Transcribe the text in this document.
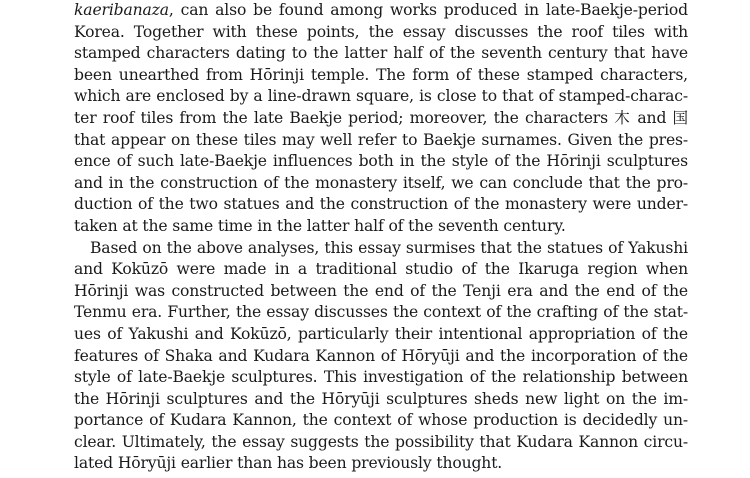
kaeribanaza, can also be found among works produced in late-Baekje-period
Korea. Together with these points, the essay discusses the roof tiles with
stamped characters dating to the latter half of the seventh century that have
been unearthed from Hōrinji temple. The form of these stamped characters,
which are enclosed by a line-drawn square, is close to that of stamped-charac-
ter roof tiles from the late Baekje period; moreover, the characters 木 and 国
that appear on these tiles may well refer to Baekje surnames. Given the pres-
ence of such late-Baekje influences both in the style of the Hōrinji sculptures
and in the construction of the monastery itself, we can conclude that the pro-
duction of the two statues and the construction of the monastery were under-
taken at the same time in the latter half of the seventh century.
Based on the above analyses, this essay surmises that the statues of Yakushi
and Kokūzō were made in a traditional studio of the Ikaruga region when
Hōrinji was constructed between the end of the Tenji era and the end of the
Tenmu era. Further, the essay discusses the context of the crafting of the stat-
ues of Yakushi and Kokūzō, particularly their intentional appropriation of the
features of Shaka and Kudara Kannon of Hōryūji and the incorporation of the
style of late-Baekje sculptures. This investigation of the relationship between
the Hōrinji sculptures and the Hōryūji sculptures sheds new light on the im-
portance of Kudara Kannon, the context of whose production is decidedly un-
clear. Ultimately, the essay suggests the possibility that Kudara Kannon circu-
lated Hōryūji earlier than has been previously thought.
